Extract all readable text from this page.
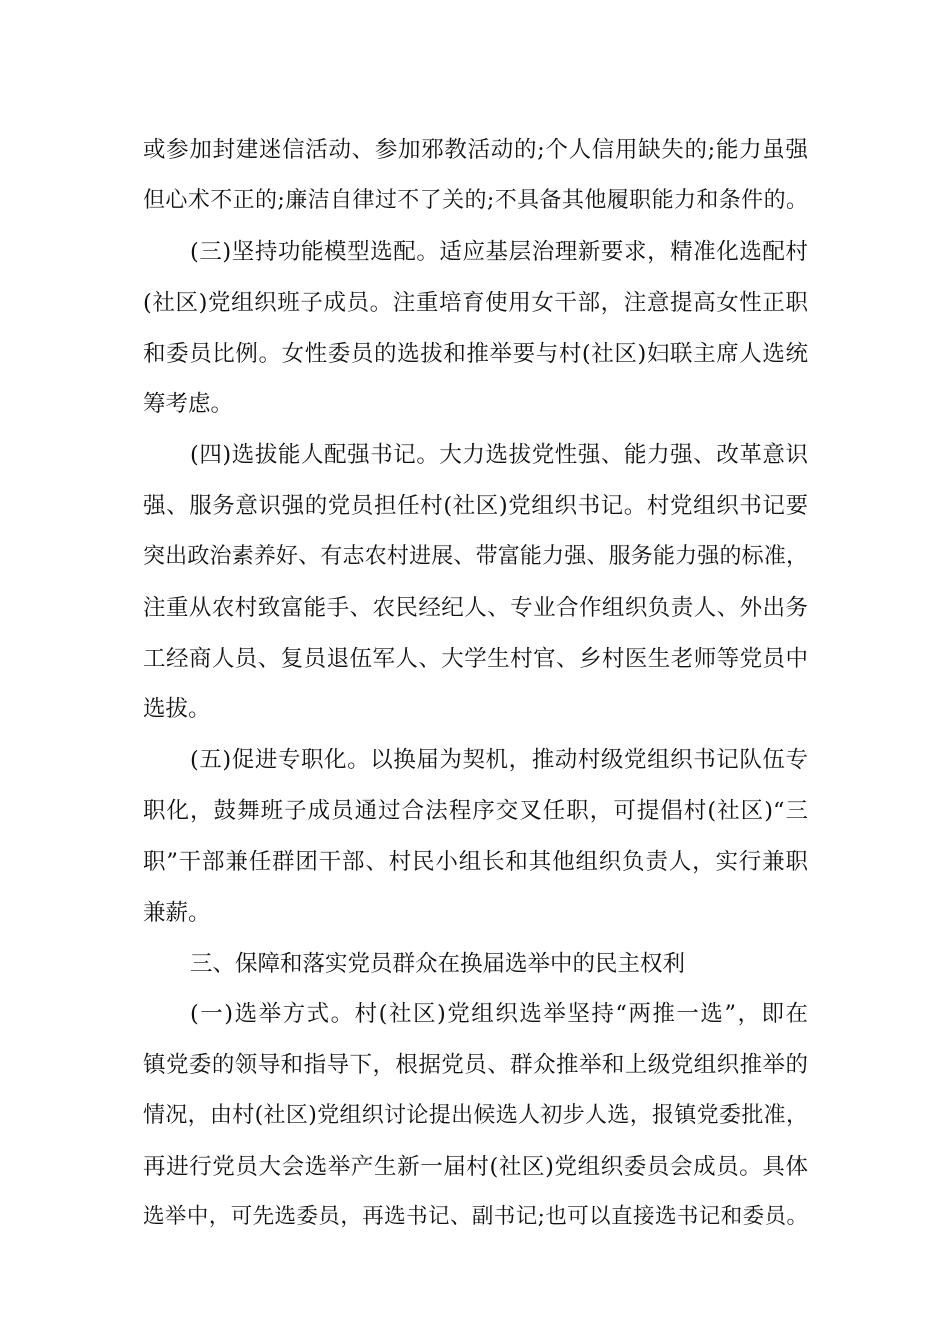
或参加封建迷信活动、参加邪教活动的;个人信用缺失的;能力虽强
但心术不正的;廉洁自律过不了关的;不具备其他履职能力和条件的。
(三)坚持功能模型选配。适应基层治理新要求，精准化选配村
(社区)党组织班子成员。注重培育使用女干部，注意提高女性正职
和委员比例。女性委员的选拔和推举要与村(社区)妇联主席人选统
筹考虑。
(四)选拔能人配强书记。大力选拔党性强、能力强、改革意识
强、服务意识强的党员担任村(社区)党组织书记。村党组织书记要
突出政治素养好、有志农村进展、带富能力强、服务能力强的标准，
注重从农村致富能手、农民经纪人、专业合作组织负责人、外出务
工经商人员、复员退伍军人、大学生村官、乡村医生老师等党员中
选拔。
(五)促进专职化。以换届为契机，推动村级党组织书记队伍专
职化，鼓舞班子成员通过合法程序交叉任职，可提倡村(社区)“三
职”干部兼任群团干部、村民小组长和其他组织负责人，实行兼职
兼薪。
三、保障和落实党员群众在换届选举中的民主权利
(一)选举方式。村(社区)党组织选举坚持“两推一选”，即在
镇党委的领导和指导下，根据党员、群众推举和上级党组织推举的
情况，由村(社区)党组织讨论提出候选人初步人选，报镇党委批准，
再进行党员大会选举产生新一届村(社区)党组织委员会成员。具体
选举中，可先选委员，再选书记、副书记;也可以直接选书记和委员。
